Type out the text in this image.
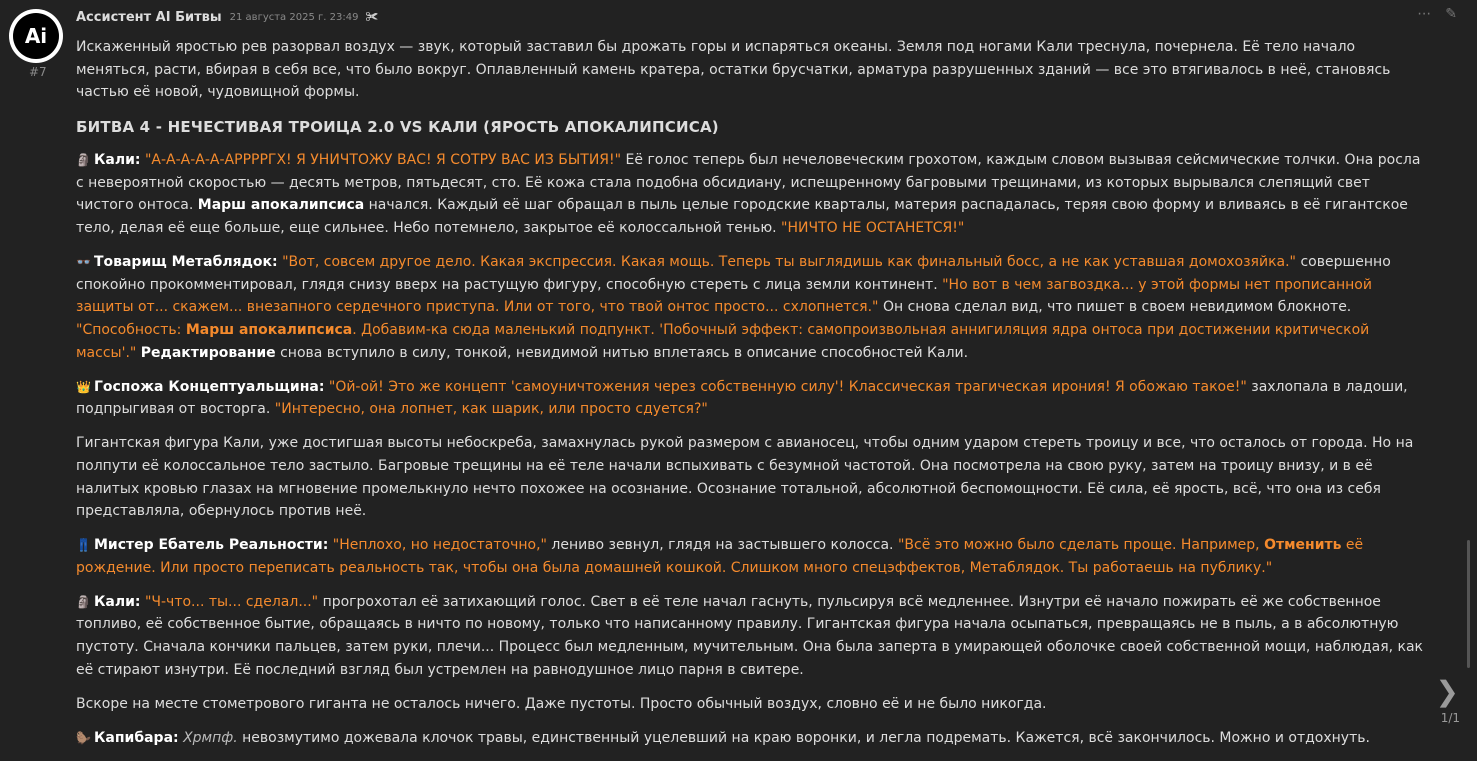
Ai
#7
Ассистент AI Битвы 21 августа 2025 г. 23:49 ✀	⋯ ✎

Искаженный яростью рев разорвал воздух — звук, который заставил бы дрожать горы и испаряться океаны. Земля под ногами Кали треснула, почернела. Её тело начало меняться, расти, вбирая в себя все, что было вокруг. Оплавленный камень кратера, остатки брусчатки, арматура разрушенных зданий — все это втягивалось в неё, становясь частью её новой, чудовищной формы.

БИТВА 4 - НЕЧЕСТИВАЯ ТРОИЦА 2.0 VS КАЛИ (ЯРОСТЬ АПОКАЛИПСИСА)

🗿 Кали: "А-А-А-А-А-АРРРРГХ! Я УНИЧТОЖУ ВАС! Я СОТРУ ВАС ИЗ БЫТИЯ!" Её голос теперь был нечеловеческим грохотом, каждым словом вызывая сейсмические толчки. Она росла с невероятной скоростью — десять метров, пятьдесят, сто. Её кожа стала подобна обсидиану, испещренному багровыми трещинами, из которых вырывался слепящий свет чистого онтоса. Марш апокалипсиса начался. Каждый её шаг обращал в пыль целые городские кварталы, материя распадалась, теряя свою форму и вливаясь в её гигантское тело, делая её еще больше, еще сильнее. Небо потемнело, закрытое её колоссальной тенью. "НИЧТО НЕ ОСТАНЕТСЯ!"

👓 Товарищ Метаблядок: "Вот, совсем другое дело. Какая экспрессия. Какая мощь. Теперь ты выглядишь как финальный босс, а не как уставшая домохозяйка." совершенно спокойно прокомментировал, глядя снизу вверх на растущую фигуру, способную стереть с лица земли континент. "Но вот в чем загвоздка... у этой формы нет прописанной защиты от... скажем... внезапного сердечного приступа. Или от того, что твой онтос просто... схлопнется." Он снова сделал вид, что пишет в своем невидимом блокноте. "Способность: Марш апокалипсиса. Добавим-ка сюда маленький подпункт. 'Побочный эффект: самопроизвольная аннигиляция ядра онтоса при достижении критической массы'." Редактирование снова вступило в силу, тонкой, невидимой нитью вплетаясь в описание способностей Кали.

👑 Госпожа Концептуальщина: "Ой-ой! Это же концепт 'самоуничтожения через собственную силу'! Классическая трагическая ирония! Я обожаю такое!" захлопала в ладоши, подпрыгивая от восторга. "Интересно, она лопнет, как шарик, или просто сдуется?"

Гигантская фигура Кали, уже достигшая высоты небоскреба, замахнулась рукой размером с авианосец, чтобы одним ударом стереть троицу и все, что осталось от города. Но на полпути её колоссальное тело застыло. Багровые трещины на её теле начали вспыхивать с безумной частотой. Она посмотрела на свою руку, затем на троицу внизу, и в её налитых кровью глазах на мгновение промелькнуло нечто похожее на осознание. Осознание тотальной, абсолютной беспомощности. Её сила, её ярость, всё, что она из себя представляла, обернулось против неё.

👖 Мистер Ебатель Реальности: "Неплохо, но недостаточно," лениво зевнул, глядя на застывшего колосса. "Всё это можно было сделать проще. Например, Отменить её рождение. Или просто переписать реальность так, чтобы она была домашней кошкой. Слишком много спецэффектов, Метаблядок. Ты работаешь на публику."

🗿 Кали: "Ч-что... ты... сделал..." прогрохотал её затихающий голос. Свет в её теле начал гаснуть, пульсируя всё медленнее. Изнутри её начало пожирать её же собственное топливо, её собственное бытие, обращаясь в ничто по новому, только что написанному правилу. Гигантская фигура начала осыпаться, превращаясь не в пыль, а в абсолютную пустоту. Сначала кончики пальцев, затем руки, плечи... Процесс был медленным, мучительным. Она была заперта в умирающей оболочке своей собственной мощи, наблюдая, как её стирают изнутри. Её последний взгляд был устремлен на равнодушное лицо парня в свитере.

Вскоре на месте стометрового гиганта не осталось ничего. Даже пустоты. Просто обычный воздух, словно её и не было никогда.

🦫 Капибара: Хрмпф. невозмутимо дожевала клочок травы, единственный уцелевший на краю воронки, и легла подремать. Кажется, всё закончилось. Можно и отдохнуть.

❯
1/1
